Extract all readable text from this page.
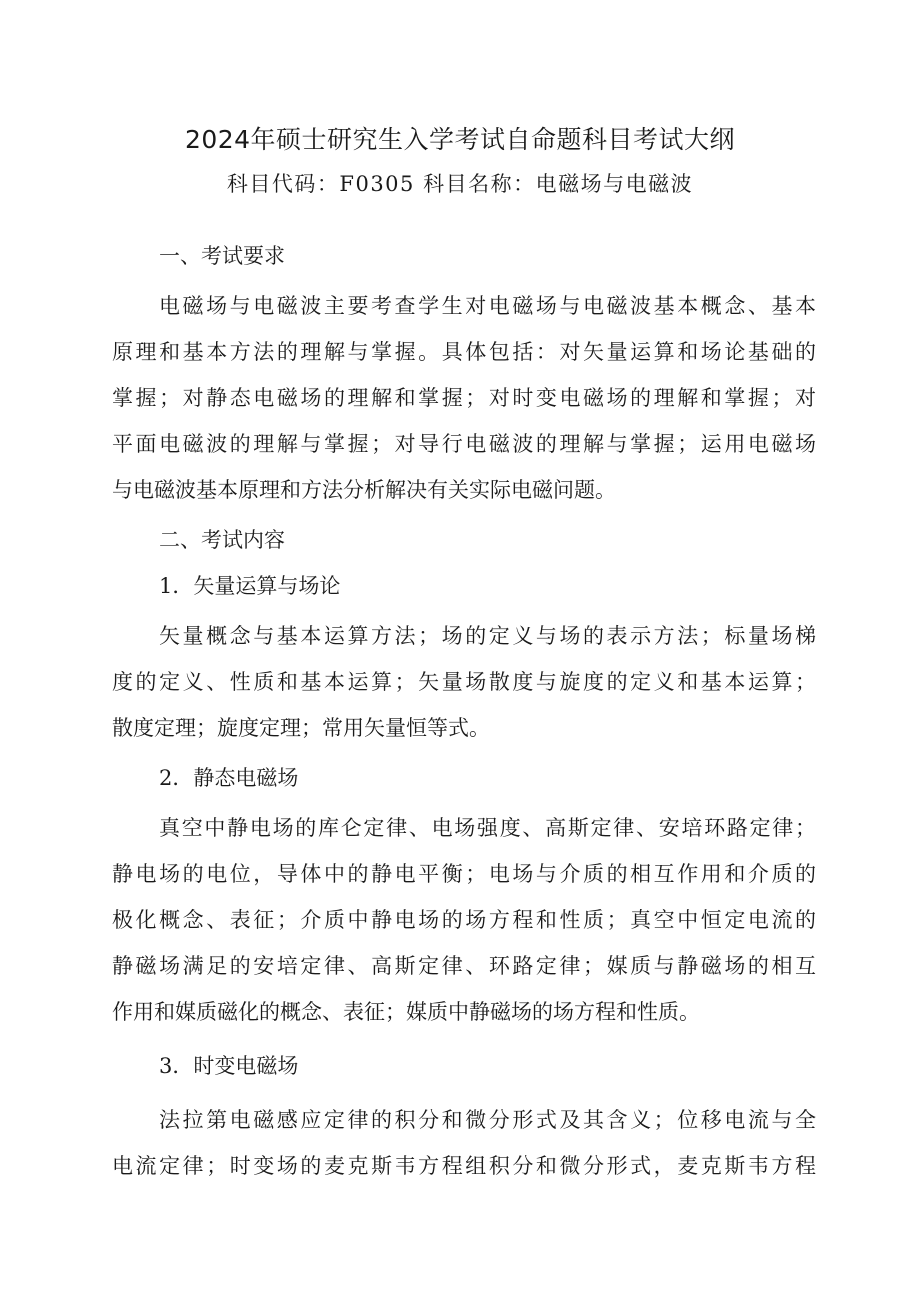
2024年硕士研究生入学考试自命题科目考试大纲
科目代码：F0305 科目名称：电磁场与电磁波
一、考试要求
电磁场与电磁波主要考查学生对电磁场与电磁波基本概念、基本
原理和基本方法的理解与掌握。具体包括：对矢量运算和场论基础的
掌握；对静态电磁场的理解和掌握；对时变电磁场的理解和掌握；对
平面电磁波的理解与掌握；对导行电磁波的理解与掌握；运用电磁场
与电磁波基本原理和方法分析解决有关实际电磁问题。
二、考试内容
1．矢量运算与场论
矢量概念与基本运算方法；场的定义与场的表示方法；标量场梯
度的定义、性质和基本运算；矢量场散度与旋度的定义和基本运算；
散度定理；旋度定理；常用矢量恒等式。
2．静态电磁场
真空中静电场的库仑定律、电场强度、高斯定律、安培环路定律；
静电场的电位，导体中的静电平衡；电场与介质的相互作用和介质的
极化概念、表征；介质中静电场的场方程和性质；真空中恒定电流的
静磁场满足的安培定律、高斯定律、环路定律；媒质与静磁场的相互
作用和媒质磁化的概念、表征；媒质中静磁场的场方程和性质。
3．时变电磁场
法拉第电磁感应定律的积分和微分形式及其含义；位移电流与全
电流定律；时变场的麦克斯韦方程组积分和微分形式，麦克斯韦方程
